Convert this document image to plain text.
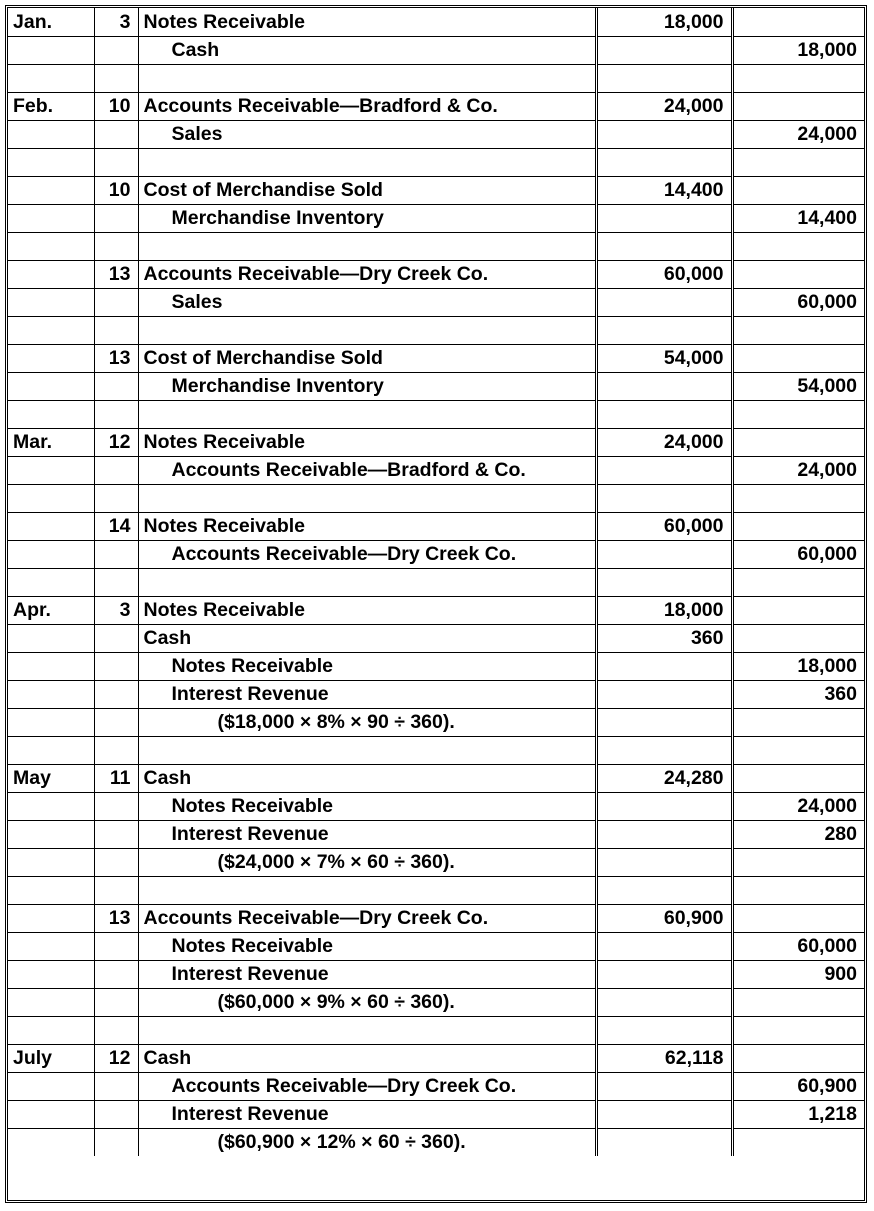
Jan.	3	Notes Receivable	18,000	
		Cash		18,000

Feb.	10	Accounts Receivable—Bradford & Co.	24,000	
		Sales		24,000

	10	Cost of Merchandise Sold	14,400	
		Merchandise Inventory		14,400

	13	Accounts Receivable—Dry Creek Co.	60,000	
		Sales		60,000

	13	Cost of Merchandise Sold	54,000	
		Merchandise Inventory		54,000

Mar.	12	Notes Receivable	24,000	
		Accounts Receivable—Bradford & Co.		24,000

	14	Notes Receivable	60,000	
		Accounts Receivable—Dry Creek Co.		60,000

Apr.	3	Notes Receivable	18,000	
		Cash	360	
		Notes Receivable		18,000
		Interest Revenue		360
		($18,000 × 8% × 90 ÷ 360).		

May	11	Cash	24,280	
		Notes Receivable		24,000
		Interest Revenue		280
		($24,000 × 7% × 60 ÷ 360).		

	13	Accounts Receivable—Dry Creek Co.	60,900	
		Notes Receivable		60,000
		Interest Revenue		900
		($60,000 × 9% × 60 ÷ 360).		

July	12	Cash	62,118	
		Accounts Receivable—Dry Creek Co.		60,900
		Interest Revenue		1,218
		($60,900 × 12% × 60 ÷ 360).		
